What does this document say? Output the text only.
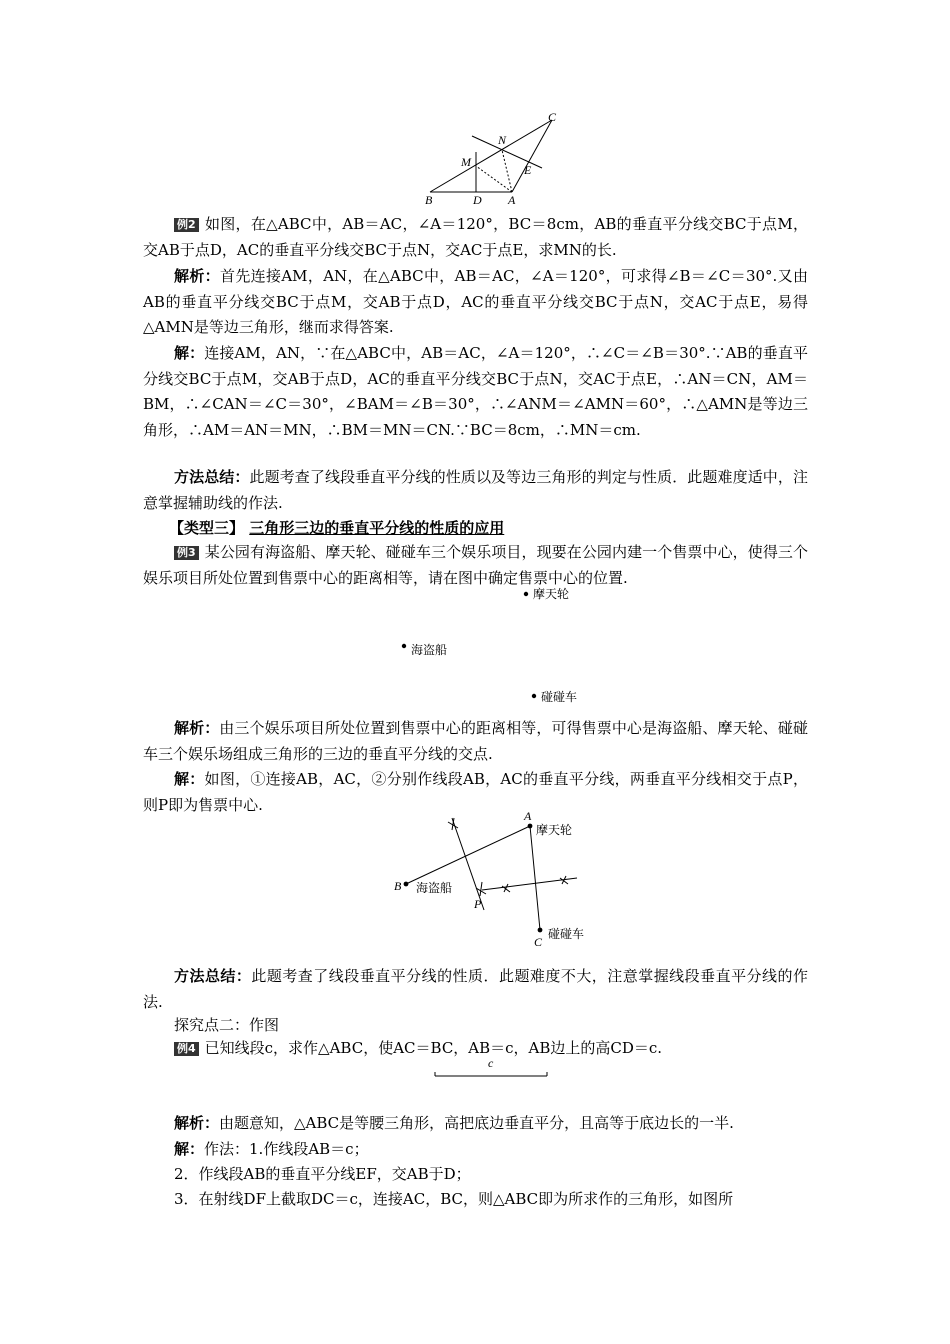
C
N
M
E
B	D A

例2 如图，在△ABC中，AB＝AC，∠A＝120°，BC＝8cm，AB的垂直平分线交BC于点M，交AB于点D，AC的垂直平分线交BC于点N，交AC于点E，求MN的长.

解析：首先连接AM，AN，在△ABC中，AB＝AC，∠A＝120°，可求得∠B＝∠C＝30°.又由AB的垂直平分线交BC于点M，交AB于点D，AC的垂直平分线交BC于点N，交AC于点E，易得△AMN是等边三角形，继而求得答案.

解：连接AM，AN，∵在△ABC中，AB＝AC，∠A＝120°，∴∠C＝∠B＝30°.∵AB的垂直平分线交BC于点M，交AB于点D，AC的垂直平分线交BC于点N，交AC于点E，∴AN＝CN，AM＝BM，∴∠CAN＝∠C＝30°，∠BAM＝∠B＝30°，∴∠ANM＝∠AMN＝60°，∴△AMN是等边三角形，∴AM＝AN＝MN，∴BM＝MN＝CN.∵BC＝8cm，∴MN＝cm.

方法总结：此题考查了线段垂直平分线的性质以及等边三角形的判定与性质．此题难度适中，注意掌握辅助线的作法.

【类型三】 三角形三边的垂直平分线的性质的应用

例3 某公园有海盗船、摩天轮、碰碰车三个娱乐项目，现要在公园内建一个售票中心，使得三个娱乐项目所处位置到售票中心的距离相等，请在图中确定售票中心的位置.

摩天轮
海盗船
碰碰车

解析：由三个娱乐项目所处位置到售票中心的距离相等，可得售票中心是海盗船、摩天轮、碰碰车三个娱乐场组成三角形的三边的垂直平分线的交点.

解：如图，①连接AB，AC，②分别作线段AB，AC的垂直平分线，两垂直平分线相交于点P，则P即为售票中心.

A
摩天轮
B 海盗船
P
C
碰碰车

方法总结：此题考查了线段垂直平分线的性质．此题难度不大，注意掌握线段垂直平分线的作法.

探究点二：作图

例4 已知线段c，求作△ABC，使AC＝BC，AB＝c，AB边上的高CD＝c.

c

解析：由题意知，△ABC是等腰三角形，高把底边垂直平分，且高等于底边长的一半.

解：作法：1.作线段AB＝c；

2．作线段AB的垂直平分线EF，交AB于D；

3．在射线DF上截取DC＝c，连接AC，BC，则△ABC即为所求作的三角形，如图所
